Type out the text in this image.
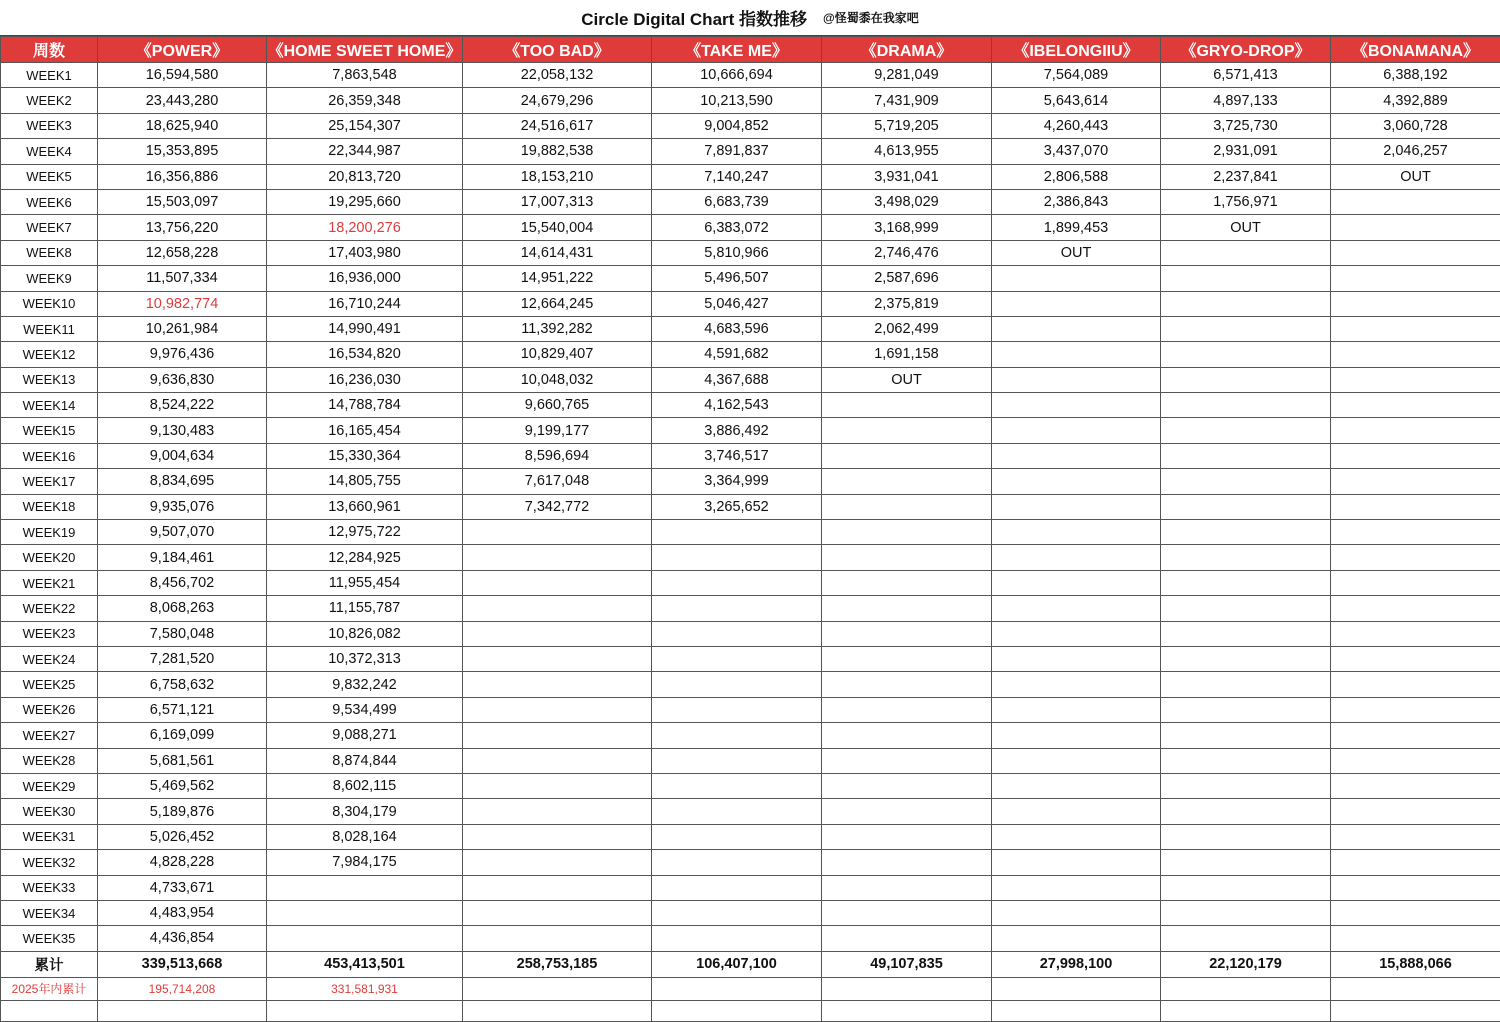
Circle Digital Chart 指数推移 @怪蜀黍在我家吧
周数	《POWER》	《HOME SWEET HOME》	《TOO BAD》	《TAKE ME》	《DRAMA》	《IBELONGIIU》	《GRYO-DROP》	《BONAMANA》
WEEK1	16,594,580	7,863,548	22,058,132	10,666,694	9,281,049	7,564,089	6,571,413	6,388,192
WEEK2	23,443,280	26,359,348	24,679,296	10,213,590	7,431,909	5,643,614	4,897,133	4,392,889
WEEK3	18,625,940	25,154,307	24,516,617	9,004,852	5,719,205	4,260,443	3,725,730	3,060,728
WEEK4	15,353,895	22,344,987	19,882,538	7,891,837	4,613,955	3,437,070	2,931,091	2,046,257
WEEK5	16,356,886	20,813,720	18,153,210	7,140,247	3,931,041	2,806,588	2,237,841	OUT
WEEK6	15,503,097	19,295,660	17,007,313	6,683,739	3,498,029	2,386,843	1,756,971	
WEEK7	13,756,220	18,200,276	15,540,004	6,383,072	3,168,999	1,899,453	OUT	
WEEK8	12,658,228	17,403,980	14,614,431	5,810,966	2,746,476	OUT		
WEEK9	11,507,334	16,936,000	14,951,222	5,496,507	2,587,696			
WEEK10	10,982,774	16,710,244	12,664,245	5,046,427	2,375,819			
WEEK11	10,261,984	14,990,491	11,392,282	4,683,596	2,062,499			
WEEK12	9,976,436	16,534,820	10,829,407	4,591,682	1,691,158			
WEEK13	9,636,830	16,236,030	10,048,032	4,367,688	OUT			
WEEK14	8,524,222	14,788,784	9,660,765	4,162,543				
WEEK15	9,130,483	16,165,454	9,199,177	3,886,492				
WEEK16	9,004,634	15,330,364	8,596,694	3,746,517				
WEEK17	8,834,695	14,805,755	7,617,048	3,364,999				
WEEK18	9,935,076	13,660,961	7,342,772	3,265,652				
WEEK19	9,507,070	12,975,722						
WEEK20	9,184,461	12,284,925						
WEEK21	8,456,702	11,955,454						
WEEK22	8,068,263	11,155,787						
WEEK23	7,580,048	10,826,082						
WEEK24	7,281,520	10,372,313						
WEEK25	6,758,632	9,832,242						
WEEK26	6,571,121	9,534,499						
WEEK27	6,169,099	9,088,271						
WEEK28	5,681,561	8,874,844						
WEEK29	5,469,562	8,602,115						
WEEK30	5,189,876	8,304,179						
WEEK31	5,026,452	8,028,164						
WEEK32	4,828,228	7,984,175						
WEEK33	4,733,671							
WEEK34	4,483,954							
WEEK35	4,436,854							
累计	339,513,668	453,413,501	258,753,185	106,407,100	49,107,835	27,998,100	22,120,179	15,888,066
2025年内累计	195,714,208	331,581,931						
